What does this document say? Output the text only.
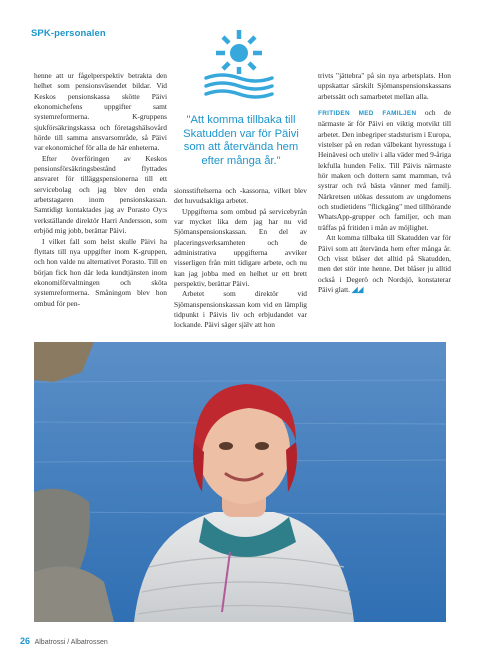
SPK-personalen
"Att komma tillbaka till Skatudden var för Päivi som att återvända hem efter många år."

henne att ur fågelperspektiv betrakta den helhet som pensionsväsendet bildar. Vid Keskos pensionskassa skötte Päivi ekonomichefens uppgifter samt systemreformerna. K-gruppens sjukförsäkringskassa och företagshälsovård hörde till samma ansvarsområde, så Päivi var ekonomichef för alla de här enheterna.

Efter överföringen av Keskos pensionsförsäkringsbestånd flyttades ansvaret för tilläggspensionerna till ett servicebolag och jag blev den enda arbetstagaren inom pensionskassan. Samtidigt kontaktades jag av Porasto Oy:s verkställande direktör Harri Andersson, som erbjöd mig jobb, berättar Päivi.

I vilket fall som helst skulle Päivi ha flyttats till nya uppgifter inom K-gruppen, och hon valde nu alternativet Porasto. Till en början fick hon där leda kundtjänsten inom ekonomiförvaltningen och sköta systemreformerna. Småningom blev hon ombud för pen-

sionsstiftelserna och -kassorna, vilket blev det huvudsakliga arbetet.

Uppgifterna som ombud på servicebyrån var mycket lika dem jag har nu vid Sjömanspensionskassan. En del av placeringsverksamheten och de administrativa uppgifterna avviker visserligen från mitt tidigare arbete, och nu kan jag jobba med en helhet ur ett brett perspektiv, berättar Päivi.

Arbetet som direktör vid Sjömanspensionskassan kom vid en lämplig tidpunkt i Päivis liv och erbjudandet var lockande. Päivi säger själv att hon

trivts "jättebra" på sin nya arbetsplats. Hon uppskattar särskilt Sjömanspensionskassans arbetssätt och samarbetet mellan alla.

FRITIDEN MED FAMILJEN och de närmaste är för Päivi en viktig motvikt till arbetet. Den inbegriper stadsturism i Europa, vistelser på en redan välbekant hyresstuga i Heinävesi och uteliv i alla väder med 9-åriga lekfulla hunden Felix. Till Päivis närmaste hör maken och dottern samt mamman, två systrar och två bästa vänner med familj. Närkretsen utökas dessutom av ungdomens och studietidens "flickgäng" med tillhörande WhatsApp-grupper och familjer, och man träffas på fritiden i mån av möjlighet.

Att komma tillbaka till Skatudden var för Päivi som att återvända hem efter många år. Och visst blåser det alltid på Skatudden, men det stör inte henne. Det blåser ju alltid också i Degerö och Nordsjö, konstaterar Päivi glatt. ◢◢

26 Albatrossi / Albatrossen
